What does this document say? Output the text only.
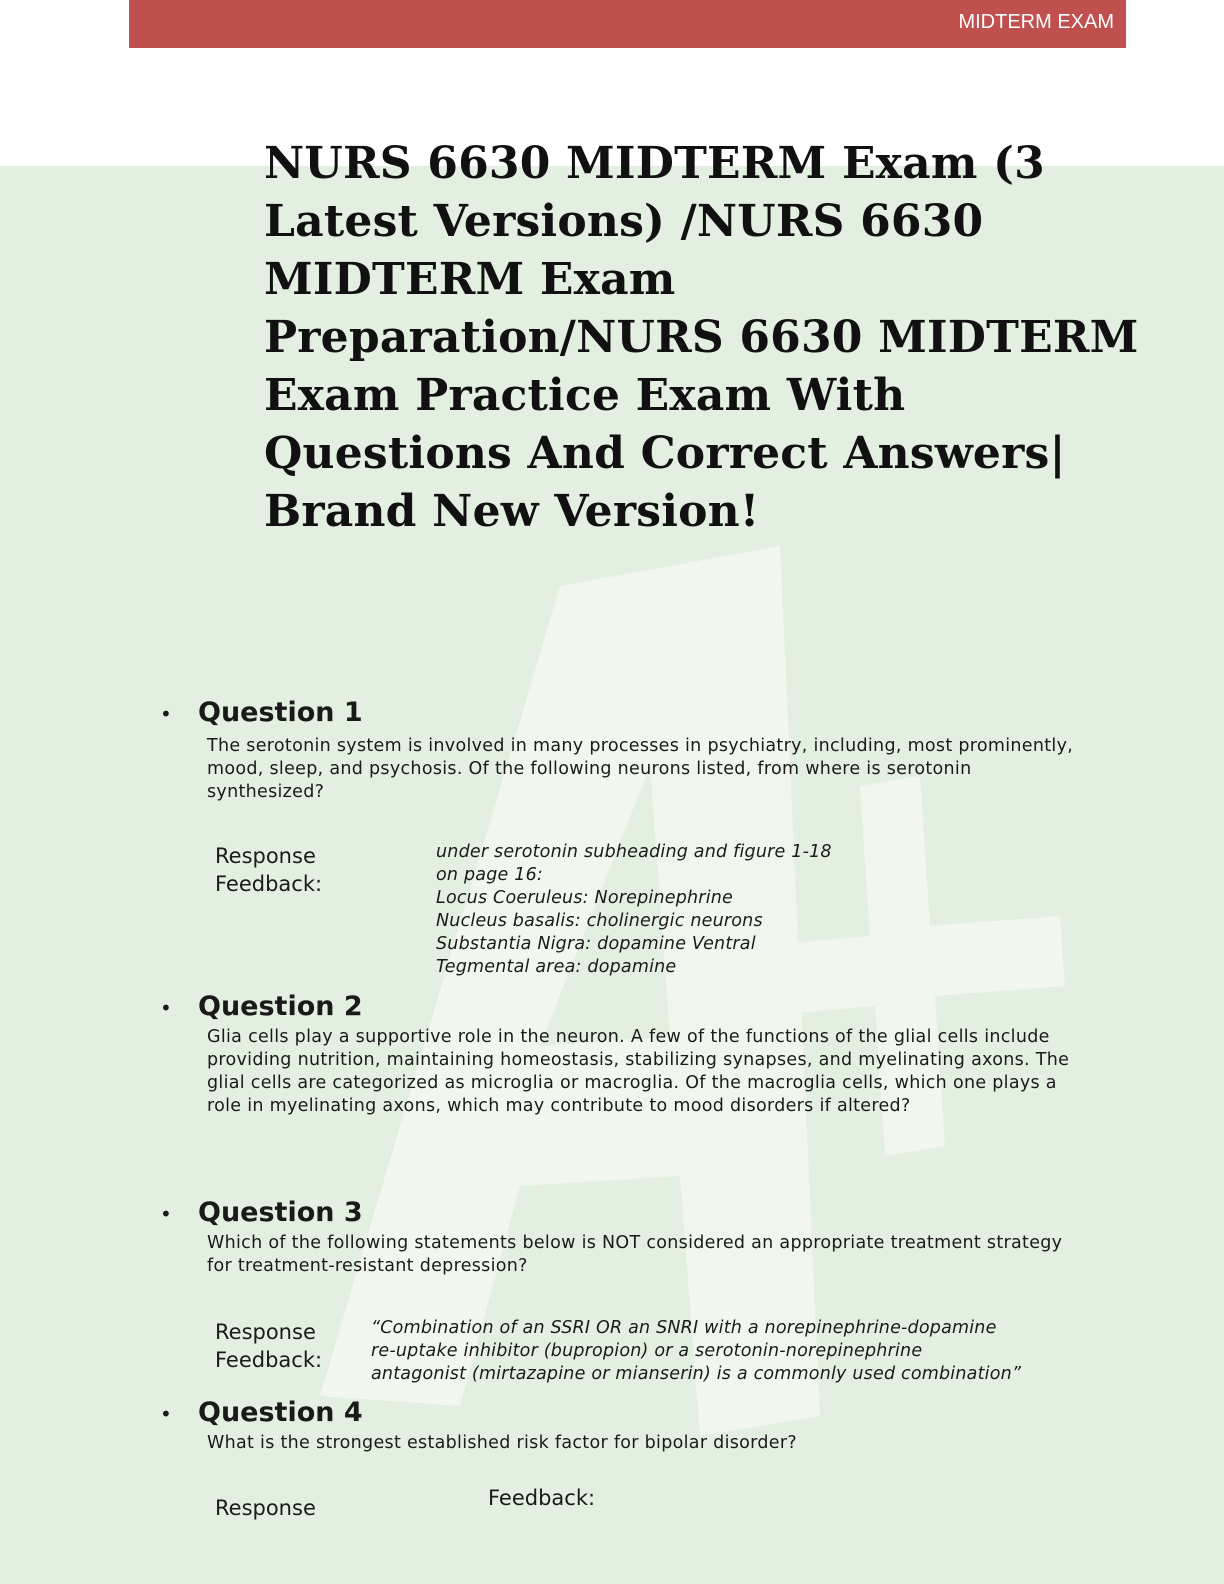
MIDTERM EXAM
NURS 6630 MIDTERM Exam (3 Latest Versions) /NURS 6630 MIDTERM Exam Preparation/NURS 6630 MIDTERM Exam Practice Exam With Questions And Correct Answers| Brand New Version!
• Question 1

The serotonin system is involved in many processes in psychiatry, including, most prominently, mood, sleep, and psychosis. Of the following neurons listed, from where is serotonin synthesized?

Response
Feedback:
under serotonin subheading and figure 1-18
on page 16:
Locus Coeruleus: Norepinephrine
Nucleus basalis: cholinergic neurons
Substantia Nigra: dopamine Ventral
Tegmental area: dopamine
• Question 2

Glia cells play a supportive role in the neuron. A few of the functions of the glial cells include providing nutrition, maintaining homeostasis, stabilizing synapses, and myelinating axons. The glial cells are categorized as microglia or macroglia. Of the macroglia cells, which one plays a role in myelinating axons, which may contribute to mood disorders if altered?

• Question 3

Which of the following statements below is NOT considered an appropriate treatment strategy for treatment-resistant depression?

Response
Feedback:
“Combination of an SSRI OR an SNRI with a norepinephrine-dopamine
re-uptake inhibitor (bupropion) or a serotonin-norepinephrine
antagonist (mirtazapine or mianserin) is a commonly used combination”
• Question 4

What is the strongest established risk factor for bipolar disorder?

Response	Feedback:
